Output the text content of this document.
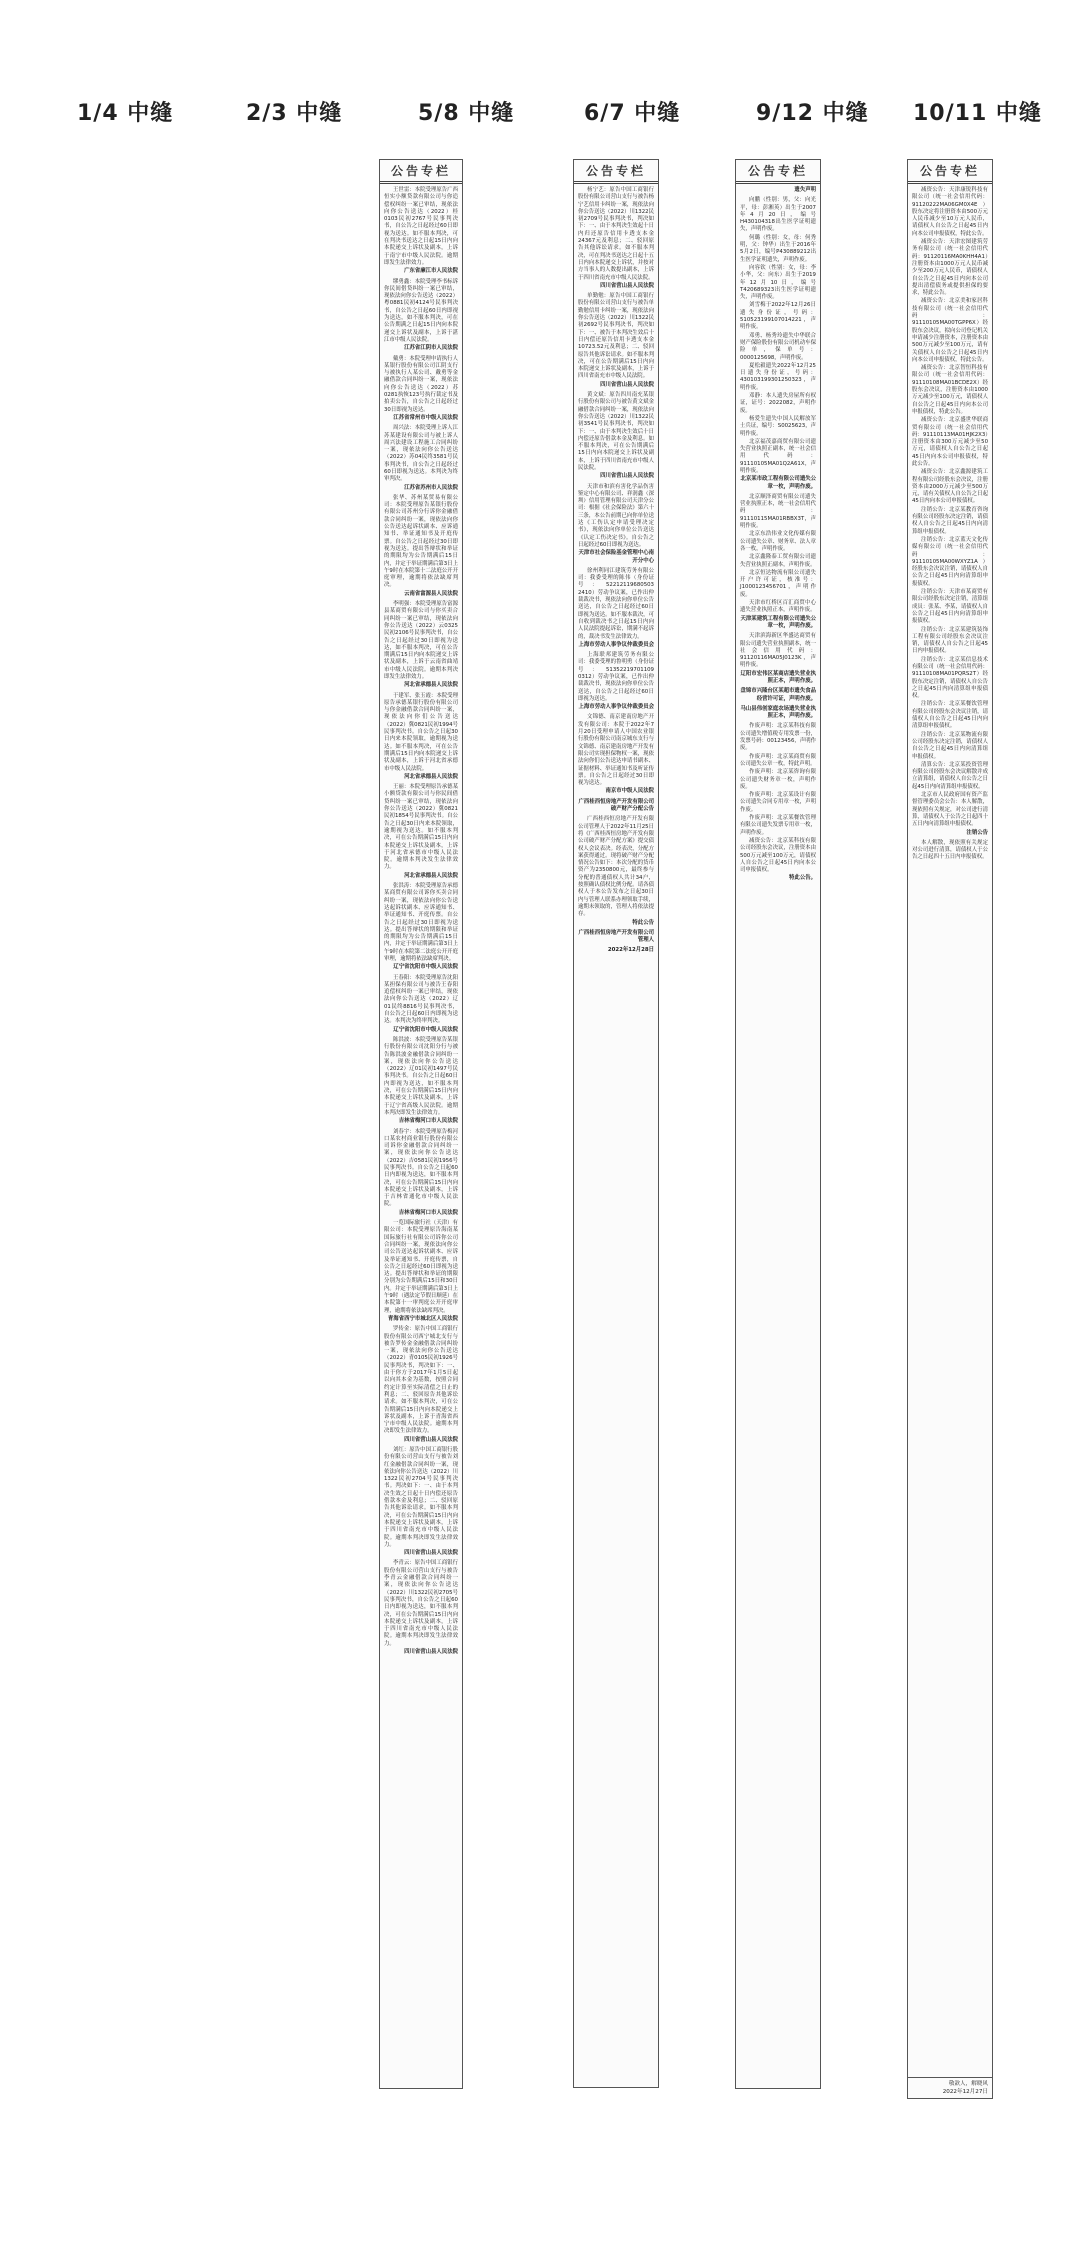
1/4 中缝	2/3 中缝	5/8 中缝	6/7 中缝	9/12 中缝 10/11 中缝
公告专栏

王世雷：本院受理原告广西恒实小额贷款有限公司与你追偿权纠纷一案已审结，现依法向你公告送达（2022）桂0103民初2767号民事判决书，自公告之日起经过60日即视为送达。如不服本判决，可在判决书送达之日起15日内向本院递交上诉状及副本，上诉于南宁市中级人民法院。逾期即发生法律效力。

广东省廉江市人民法院

缪勇鑫：本院受理李书标诉你民间借贷纠纷一案已审结，现依法向你公告送达（2022）粤0881民初4124号民事判决书，自公告之日起60日内即视为送达，如不服本判决，可在公告期满之日起15日内向本院递交上诉状及副本，上诉于湛江市中级人民法院。

江苏省江阴市人民法院

戴勇：本院受理申请执行人某银行股份有限公司江阴支行与被执行人某公司、戴勇等金融借款合同纠纷一案，现依法向你公告送达（2022）苏0281执恢123号执行裁定书及拍卖公告，自公告之日起经过30日即视为送达。

江苏省常州市中级人民法院

周兴法：本院受理上诉人江苏某建设有限公司与被上诉人周兴法建设工程施工合同纠纷一案，现依法向你公告送达（2022）苏04民终3581号民事判决书，自公告之日起经过60日即视为送达。本判决为终审判决。

江苏省苏州市人民法院

张华、苏州某贸易有限公司：本院受理原告某银行股份有限公司苏州分行诉你金融借款合同纠纷一案，现依法向你公告送达起诉状副本、应诉通知书、举证通知书及开庭传票。自公告之日起经过30日即视为送达。提出答辩状和举证的期限均为公告期满后15日内，并定于举证期满后第3日上午9时在本院第十二法庭公开开庭审理，逾期将依法缺席判决。

云南省富源县人民法院

李明强：本院受理原告富源县某商贸有限公司与你买卖合同纠纷一案已审结，现依法向你公告送达（2022）云0325民初2106号民事判决书，自公告之日起经过30日即视为送达，如不服本判决，可在公告期满后15日内向本院递交上诉状及副本，上诉于云南省曲靖市中级人民法院。逾期本判决即发生法律效力。

河北省承德县人民法院

于建军、张玉霞：本院受理原告承德某银行股份有限公司与你金融借款合同纠纷一案，现依法向你们公告送达（2022）冀0821民初1994号民事判决书。自公告之日起30日内来本院领取，逾期视为送达。如不服本判决，可在公告期满后15日内向本院递交上诉状及副本，上诉于河北省承德市中级人民法院。

河北省承德县人民法院

王丽：本院受理原告承德某小额贷款有限公司与你民间借贷纠纷一案已审结，现依法向你公告送达（2022）冀0821民初1854号民事判决书。自公告之日起30日内来本院领取，逾期视为送达。如不服本判决，可在公告期满后15日内向本院递交上诉状及副本，上诉于河北省承德市中级人民法院。逾期本判决发生法律效力。

河北省承德县人民法院

张洪涛：本院受理原告承德某商贸有限公司诉你买卖合同纠纷一案，现依法向你公告送达起诉状副本、应诉通知书、举证通知书、开庭传票。自公告之日起经过30日即视为送达。提出答辩状的期限和举证的期限均为公告期满后15日内，并定于举证期满后第3日上午9时在本院第二法庭公开开庭审理，逾期将依法缺席判决。

辽宁省沈阳市中级人民法院

王春阳：本院受理原告沈阳某担保有限公司与被告王春阳追偿权纠纷一案已审结，现依法向你公告送达（2022）辽01民终8816号民事判决书，自公告之日起60日内即视为送达。本判决为终审判决。

辽宁省沈阳市中级人民法院

陈洪波：本院受理原告某银行股份有限公司沈阳分行与被告陈洪波金融借款合同纠纷一案，现依法向你公告送达（2022）辽01民初1497号民事判决书。自公告之日起60日内即视为送达，如不服本判决，可在公告期满后15日内向本院递交上诉状及副本，上诉于辽宁省高级人民法院。逾期本判决即发生法律效力。

吉林省梅河口市人民法院

刘春宇：本院受理原告梅河口某农村商业银行股份有限公司诉你金融借款合同纠纷一案，现依法向你公告送达（2022）吉0581民初1956号民事判决书。自公告之日起60日内即视为送达，如不服本判决，可在公告期满后15日内向本院递交上诉状及副本，上诉于吉林省通化市中级人民法院。

吉林省梅河口市人民法院

一览国际旅行社（天津）有限公司：本院受理原告海南某国际旅行社有限公司诉你公司合同纠纷一案，现依法向你公司公告送达起诉状副本、应诉及举证通知书、开庭传票，自公告之日起经过60日即视为送达。提出答辩状和举证的期限分别为公告期满后15日和30日内。并定于举证期满后第3日上午9时（遇法定节假日顺延）在本院第十一审判庭公开开庭审理，逾期将依法缺席判决。

青海省西宁市城北区人民法院

罗传金：原告中国工商银行股份有限公司西宁城北支行与被告罗传金金融借款合同纠纷一案，现依法向你公告送达（2022）青0105民初1926号民事判决书，判决如下：一、由于你方于2017年1月5日起以向其本金为基数，按照合同约定计算至实际清偿之日止的利息；二、驳回原告其他诉讼请求。如不服本判决，可在公告期满后15日内向本院递交上诉状及副本，上诉于青海省西宁市中级人民法院。逾期本判决即发生法律效力。

四川省营山县人民法院

刘红：原告中国工商银行股份有限公司营山支行与被告刘红金融借款合同纠纷一案，现依法向你公告送达（2022）川1322民初2704号民事判决书。判决如下：一、由于本判决生效之日起十日内偿还原告借款本金及利息；二、驳回原告其他诉讼请求。如不服本判决，可在公告期满后15日内向本院递交上诉状及副本，上诉于四川省南充市中级人民法院。逾期本判决即发生法律效力。

四川省营山县人民法院

李青云：原告中国工商银行股份有限公司营山支行与被告李青云金融借款合同纠纷一案，现依法向你公告送达（2022）川1322民初2705号民事判决书，自公告之日起60日内即视为送达，如不服本判决，可在公告期满后15日内向本院递交上诉状及副本，上诉于四川省南充市中级人民法院。逾期本判决即发生法律效力。

四川省营山县人民法院

公告专栏

杨宁艺：原告中国工商银行股份有限公司营山支行与被告杨宁艺信用卡纠纷一案，现依法向你公告送达（2022）川1322民初2709号民事判决书，判决如下：一、由于本判决生效起十日内归还原告信用卡透支本金24367元及利息；二、驳回原告其他诉讼请求。如不服本判决，可在判决书送达之日起十五日内向本院递交上诉状，并按对方当事人的人数提出副本，上诉于四川省南充市中级人民法院。

四川省营山县人民法院

单勤勉：原告中国工商银行股份有限公司营山支行与被告单勤勉信用卡纠纷一案，现依法向你公告送达（2022）川1322民初2692号民事判决书，判决如下：一、被告于本判决生效后十日内偿还原告信用卡透支本金10723.52元及利息；二、驳回原告其他诉讼请求。如不服本判决，可在公告期满后15日内向本院递交上诉状及副本，上诉于四川省南充市中级人民法院。

四川省营山县人民法院

黄文斌：原告四川南充某银行股份有限公司与被告黄文斌金融借款合同纠纷一案，现依法向你公告送达（2022）川1322民初3541号民事判决书，判决如下：一、由于本判决生效后十日内偿还原告借款本金及利息。如不服本判决，可在公告期满后15日内向本院递交上诉状及副本，上诉于四川省南充市中级人民法院。

四川省营山县人民法院

天津市和滨有害化学品伤害鉴定中心有限公司、祥润鑫（深圳）信用管理有限公司天津分公司：根据《社会保险法》第六十三条，本公告前期已向你单位送达《工伤认定申请受理决定书》，现依法向你单位公告送达《认定工伤决定书》。自公告之日起经过60日即视为送达。

天津市社会保险基金管理中心南开分中心

徐州利同江建筑劳务有限公司：我委受理的陈伟（身份证号：52212119680503 2410）劳动争议案，已作出仲裁裁决书，现依法向你单位公告送达，自公告之日起经过60日即视为送达。如不服本裁决，可自收到裁决书之日起15日内向人民法院提起诉讼，期满不起诉的，裁决书发生法律效力。

上海市劳动人事争议仲裁委员会

上海联邦建筑劳务有限公司：我委受理的鲁明勇（身份证号：51352219701109 0312）劳动争议案，已作出仲裁裁决书，现依法向你单位公告送达，自公告之日起经过60日即视为送达。

上海市劳动人事争议仲裁委员会

文锦德、南京建南房地产开发有限公司：本院于2022年7月20日受理申请人中国农业银行股份有限公司南京城东支行与文锦德、南京建南房地产开发有限公司实现担保物权一案，现依法向你们公告送达申请书副本、证据材料、举证通知书及听证传票。自公告之日起经过30日即视为送达。

南京市中级人民法院

广西桂西恒房地产开发有限公司破产财产分配公告

广西桂西恒房地产开发有限公司管理人于2022年11月25日将《广西桂西恒房地产开发有限公司破产财产分配方案》提交债权人会议表决。经表决，分配方案获得通过。现将破产财产分配情况公告如下：本次分配的货币资产为2350800元，最终参与分配的普通债权人共计34户，按照确认债权比例分配。请各债权人于本公告发布之日起30日内与管理人联系办理领取手续，逾期未领取的，管理人将依法提存。

特此公告

广西桂西恒房地产开发有限公司管理人

2022年12月28日

公告专栏

遗失声明

向鹏（性别：男，父：向光平，母：彭湘英）出生于2007年4月20日，编号H430104318出生医学证明遗失，声明作废。

何璐（性别：女，母：何秀明，父：钟华）出生于2016年5月2日，编号P430889212出生医学证明遗失，声明作废。

向容钦（性别：女，母：李小华，父：向东）出生于2019年12月10日，编号T420689323出生医学证明遗失，声明作废。

刘雪梅于2022年12月26日遗失身份证，号码：510523199107014221，声明作废。

邓勇、杨秀玲遗失中华联合财产保险股份有限公司机动车保险单，保单号：0000125698，声明作废。

夏松毅遗失2022年12月25日遗失身份证，号码：430103199301250323，声明作废。

邓静：本人遗失房屋所有权证，证号：2022082，声明作废。

杨爱生遗失中国人民解放军士兵证，编号：S0025623，声明作废。

北京福茂嘉商贸有限公司遗失营业执照正副本，统一社会信用代码：91110105MA01Q2A61X，声明作废。

北京某市政工程有限公司遗失公章一枚，声明作废。

北京顺泽商贸有限公司遗失营业执照正本，统一社会信用代码：91110115MA01RBBX3T，声明作废。

北京东浩伟业文化传媒有限公司遗失公章、财务章、法人章各一枚，声明作废。

北京鑫隆泰工贸有限公司遗失营业执照正副本，声明作废。

北京恒达物流有限公司遗失开户许可证，核准号：J1000123456701，声明作废。

天津市红桥区百汇商贸中心遗失营业执照正本，声明作废。

天津某建筑工程有限公司遗失公章一枚，声明作废。

天津滨海新区华盛达商贸有限公司遗失营业执照副本，统一社会信用代码：91120116MA05J0123K，声明作废。

辽阳市宏伟区某商店遗失营业执照正本，声明作废。

盘锦市兴隆台区某超市遗失食品经营许可证，声明作废。

马山县伟创家庭农场遗失营业执照正本，声明作废。

作废声明：北京某科技有限公司遗失增值税专用发票一份，发票号码：00123456，声明作废。

作废声明：北京某商贸有限公司遗失公章一枚，特此声明。

作废声明：北京某咨询有限公司遗失财务章一枚，声明作废。

作废声明：北京某设计有限公司遗失合同专用章一枚，声明作废。

作废声明：北京某餐饮管理有限公司遗失发票专用章一枚，声明作废。

减资公告：北京某科技有限公司经股东会决议，注册资本由500万元减至100万元，请债权人自公告之日起45日内向本公司申报债权。

特此公告。

公告专栏

减资公告：天津康锐科技有限公司（统一社会信用代码：91120222MA06GM0X4E）股东决定将注册资本由500万元人民币减少至10万元人民币，请债权人自公告之日起45日内向本公司申报债权，特此公告。

减资公告：天津宏图建筑劳务有限公司（统一社会信用代码：91120116MA0KHH4A1）注册资本由1000万元人民币减少至200万元人民币，请债权人自公告之日起45日内向本公司提出清偿债务或提供担保的要求，特此公告。

减资公告：北京美和家居科技有限公司（统一社会信用代码：91110105MA00TGPP6X）经股东会决议，拟向公司登记机关申请减少注册资本，注册资本由500万元减少至100万元，请有关债权人自公告之日起45日内向本公司申报债权，特此公告。

减资公告：北京智恒科技有限公司（统一社会信用代码：91110108MA01BCDE2X）经股东会决议，注册资本由1000万元减少至100万元，请债权人自公告之日起45日内向本公司申报债权，特此公告。

减资公告：北京盛世华联商贸有限公司（统一社会信用代码：91110113MA01HJK2X3）注册资本由300万元减少至50万元，请债权人自公告之日起45日内向本公司申报债权，特此公告。

减资公告：北京鑫源建筑工程有限公司经股东会决议，注册资本由2000万元减少至500万元，请有关债权人自公告之日起45日内向本公司申报债权。

注销公告：北京某教育咨询有限公司经股东决定注销，请债权人自公告之日起45日内向清算组申报债权。

注销公告：北京蓝天文化传媒有限公司（统一社会信用代码：91110105MA00WXYZ1A）经股东会决议注销，请债权人自公告之日起45日内向清算组申报债权。

注销公告：天津市某商贸有限公司经股东决定注销，清算组成员：张某、李某，请债权人自公告之日起45日内向清算组申报债权。

注销公告：北京某建筑装饰工程有限公司经股东会决议注销，请债权人自公告之日起45日内申报债权。

注销公告：北京某信息技术有限公司（统一社会信用代码：91110108MA01PQRS2T）经股东决定注销，请债权人自公告之日起45日内向清算组申报债权。

注销公告：北京某餐饮管理有限公司经股东会决议注销，请债权人自公告之日起45日内向清算组申报债权。

注销公告：北京某物流有限公司经股东决定注销，请债权人自公告之日起45日内向清算组申报债权。

清算公告：北京某投资管理有限公司经股东会决议解散并成立清算组，请债权人自公告之日起45日内向清算组申报债权。

北京市人民政府国有资产监督管理委员会公告：本人解散，现依照有关规定，对公司进行清算，请债权人于公告之日起四十五日内向清算组申报债权。

注销公告

本人解散，现依照有关规定对公司进行清算，请债权人于公告之日起四十五日内申报债权。

敬歆人，解晓风
2022年12月27日
